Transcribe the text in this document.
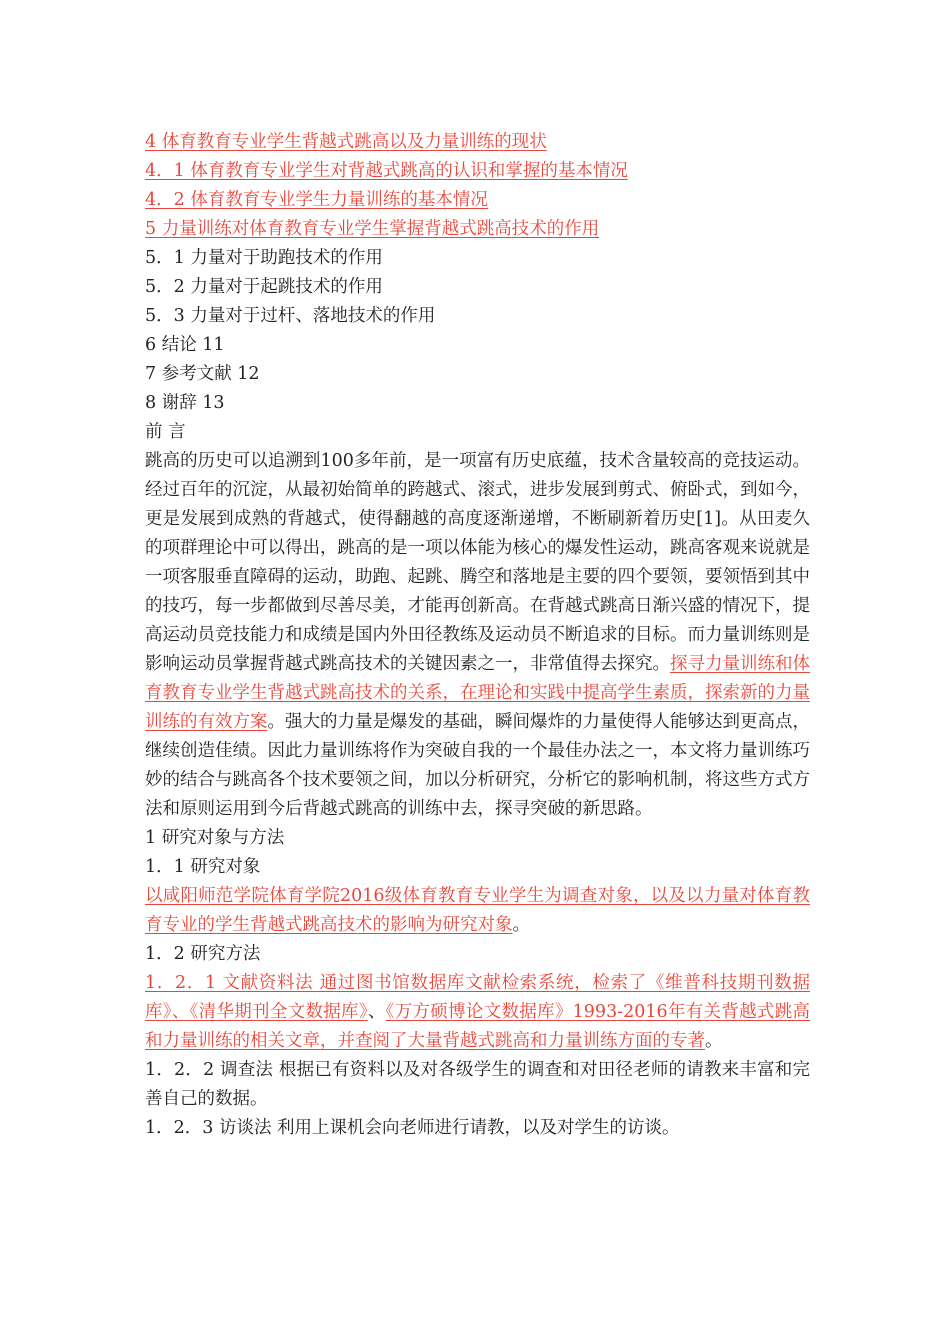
4 体育教育专业学生背越式跳高以及力量训练的现状
4．1 体育教育专业学生对背越式跳高的认识和掌握的基本情况
4．2 体育教育专业学生力量训练的基本情况
5 力量训练对体育教育专业学生掌握背越式跳高技术的作用
5．1 力量对于助跑技术的作用
5．2 力量对于起跳技术的作用
5．3 力量对于过杆、落地技术的作用
6 结论 11
7 参考文献 12
8 谢辞 13
前 言
跳高的历史可以追溯到100多年前，是一项富有历史底蕴，技术含量较高的竞技运动。经过百年的沉淀，从最初始简单的跨越式、滚式，进步发展到剪式、俯卧式，到如今，更是发展到成熟的背越式，使得翻越的高度逐渐递增，不断刷新着历史[1]。从田麦久的项群理论中可以得出，跳高的是一项以体能为核心的爆发性运动，跳高客观来说就是一项客服垂直障碍的运动，助跑、起跳、腾空和落地是主要的四个要领，要领悟到其中的技巧，每一步都做到尽善尽美，才能再创新高。在背越式跳高日渐兴盛的情况下，提高运动员竞技能力和成绩是国内外田径教练及运动员不断追求的目标。而力量训练则是影响运动员掌握背越式跳高技术的关键因素之一，非常值得去探究。探寻力量训练和体育教育专业学生背越式跳高技术的关系，在理论和实践中提高学生素质，探索新的力量训练的有效方案。强大的力量是爆发的基础，瞬间爆炸的力量使得人能够达到更高点，继续创造佳绩。因此力量训练将作为突破自我的一个最佳办法之一，本文将力量训练巧妙的结合与跳高各个技术要领之间，加以分析研究，分析它的影响机制，将这些方式方法和原则运用到今后背越式跳高的训练中去，探寻突破的新思路。
1 研究对象与方法
1．1 研究对象
以咸阳师范学院体育学院2016级体育教育专业学生为调查对象，以及以力量对体育教育专业的学生背越式跳高技术的影响为研究对象。
1．2 研究方法
1．2．1 文献资料法 通过图书馆数据库文献检索系统，检索了《维普科技期刊数据库》、《清华期刊全文数据库》、《万方硕博论文数据库》1993-2016年有关背越式跳高和力量训练的相关文章，并查阅了大量背越式跳高和力量训练方面的专著。
1．2．2 调查法 根据已有资料以及对各级学生的调查和对田径老师的请教来丰富和完善自己的数据。
1．2．3 访谈法 利用上课机会向老师进行请教，以及对学生的访谈。
